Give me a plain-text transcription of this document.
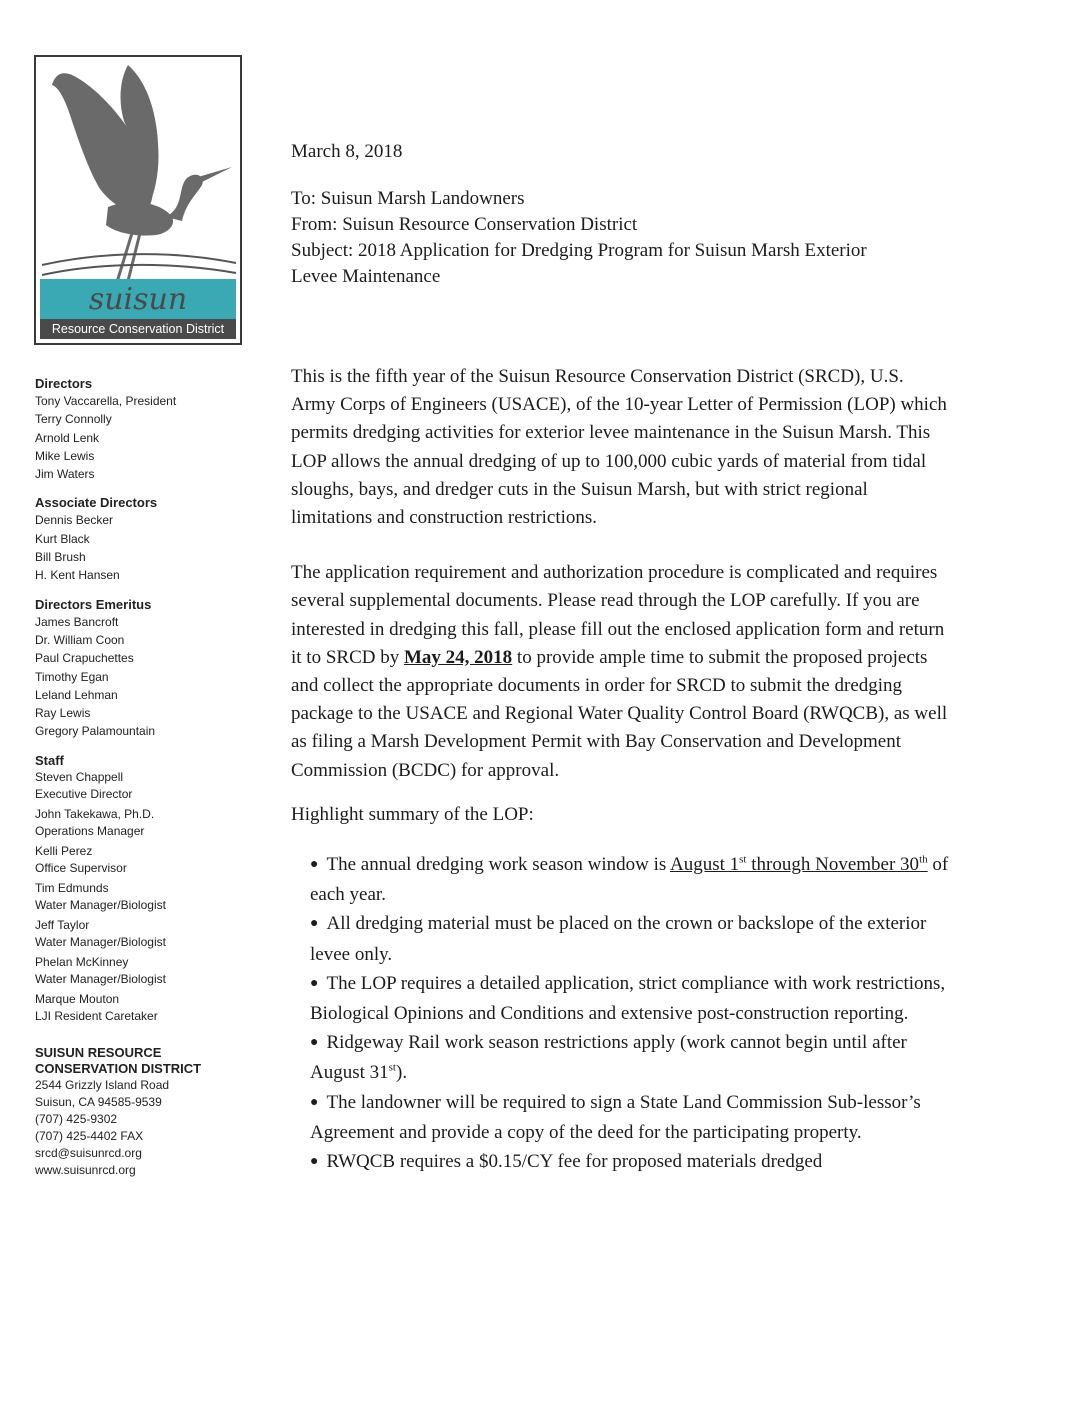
suisun
Resource Conservation District
Directors
Tony Vaccarella, President
Terry Connolly
Arnold Lenk
Mike Lewis
Jim Waters
Associate Directors
Dennis Becker
Kurt Black
Bill Brush
H. Kent Hansen
Directors Emeritus
James Bancroft
Dr. William Coon
Paul Crapuchettes
Timothy Egan
Leland Lehman
Ray Lewis
Gregory Palamountain
Staff
Steven Chappell
Executive Director
John Takekawa, Ph.D.
Operations Manager
Kelli Perez
Office Supervisor
Tim Edmunds
Water Manager/Biologist
Jeff Taylor
Water Manager/Biologist
Phelan McKinney
Water Manager/Biologist
Marque Mouton
LJI Resident Caretaker
SUISUN RESOURCE
CONSERVATION DISTRICT
2544 Grizzly Island Road
Suisun, CA 94585-9539
(707) 425-9302
(707) 425-4402 FAX
srcd@suisunrcd.org
www.suisunrcd.org
March 8, 2018
To: Suisun Marsh Landowners
From: Suisun Resource Conservation District
Subject: 2018 Application for Dredging Program for Suisun Marsh Exterior
Levee Maintenance

This is the fifth year of the Suisun Resource Conservation District (SRCD), U.S. Army Corps of Engineers (USACE), of the 10-year Letter of Permission (LOP) which permits dredging activities for exterior levee maintenance in the Suisun Marsh. This LOP allows the annual dredging of up to 100,000 cubic yards of material from tidal sloughs, bays, and dredger cuts in the Suisun Marsh, but with strict regional limitations and construction restrictions.

The application requirement and authorization procedure is complicated and requires several supplemental documents. Please read through the LOP carefully. If you are interested in dredging this fall, please fill out the enclosed application form and return it to SRCD by May 24, 2018 to provide ample time to submit the proposed projects and collect the appropriate documents in order for SRCD to submit the dredging package to the USACE and Regional Water Quality Control Board (RWQCB), as well as filing a Marsh Development Permit with Bay Conservation and Development Commission (BCDC) for approval.

Highlight summary of the LOP:

● The annual dredging work season window is August 1st through November 30th of each year.
● All dredging material must be placed on the crown or backslope of the exterior levee only.
● The LOP requires a detailed application, strict compliance with work restrictions, Biological Opinions and Conditions and extensive post-construction reporting.
● Ridgeway Rail work season restrictions apply (work cannot begin until after August 31st).
● The landowner will be required to sign a State Land Commission Sub-lessor’s Agreement and provide a copy of the deed for the participating property.
● RWQCB requires a $0.15/CY fee for proposed materials dredged
